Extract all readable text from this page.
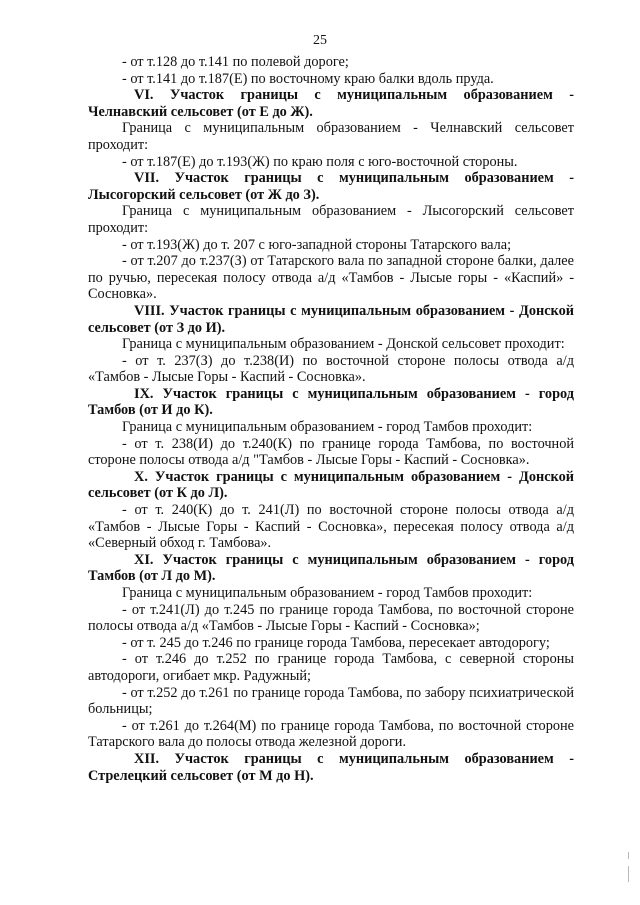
25

- от т.128 до т.141 по полевой дороге;

- от т.141 до т.187(Е) по восточному краю балки вдоль пруда.

VI. Участок границы с муниципальным образованием - Челнавский сельсовет (от Е до Ж).

Граница с муниципальным образованием - Челнавский сельсовет проходит:

- от т.187(Е) до т.193(Ж) по краю поля с юго-восточной стороны.

VII. Участок границы с муниципальным образованием - Лысогорский сельсовет (от Ж до З).

Граница с муниципальным образованием - Лысогорский сельсовет проходит:

- от т.193(Ж) до т. 207 с юго-западной стороны Татарского вала;

- от т.207 до т.237(З) от Татарского вала по западной стороне балки, далее по ручью, пересекая полосу отвода а/д «Тамбов - Лысые горы - «Каспий» - Сосновка».

VIII. Участок границы с муниципальным образованием - Донской сельсовет (от З до И).

Граница с муниципальным образованием - Донской сельсовет проходит:

- от т. 237(З) до т.238(И) по восточной стороне полосы отвода а/д «Тамбов - Лысые Горы - Каспий - Сосновка».

IX. Участок границы с муниципальным образованием - город Тамбов (от И до К).

Граница с муниципальным образованием - город Тамбов проходит:

- от т. 238(И) до т.240(К) по границе города Тамбова, по восточной стороне полосы отвода а/д "Тамбов - Лысые Горы - Каспий - Сосновка».

X. Участок границы с муниципальным образованием - Донской сельсовет (от К до Л).

- от т. 240(К) до т. 241(Л) по восточной стороне полосы отвода а/д «Тамбов - Лысые Горы - Каспий - Сосновка», пересекая полосу отвода а/д «Северный обход г. Тамбова».

XI. Участок границы с муниципальным образованием - город Тамбов (от Л до М).

Граница с муниципальным образованием - город Тамбов проходит:

- от т.241(Л) до т.245 по границе города Тамбова, по восточной стороне полосы отвода а/д «Тамбов - Лысые Горы - Каспий - Сосновка»;

- от т. 245 до т.246 по границе города Тамбова, пересекает автодорогу;

- от т.246 до т.252 по границе города Тамбова, с северной стороны автодороги, огибает мкр. Радужный;

- от т.252 до т.261 по границе города Тамбова, по забору психиатрической больницы;

- от т.261 до т.264(М) по границе города Тамбова, по восточной стороне Татарского вала до полосы отвода железной дороги.

XII. Участок границы с муниципальным образованием - Стрелецкий сельсовет (от М до Н).
